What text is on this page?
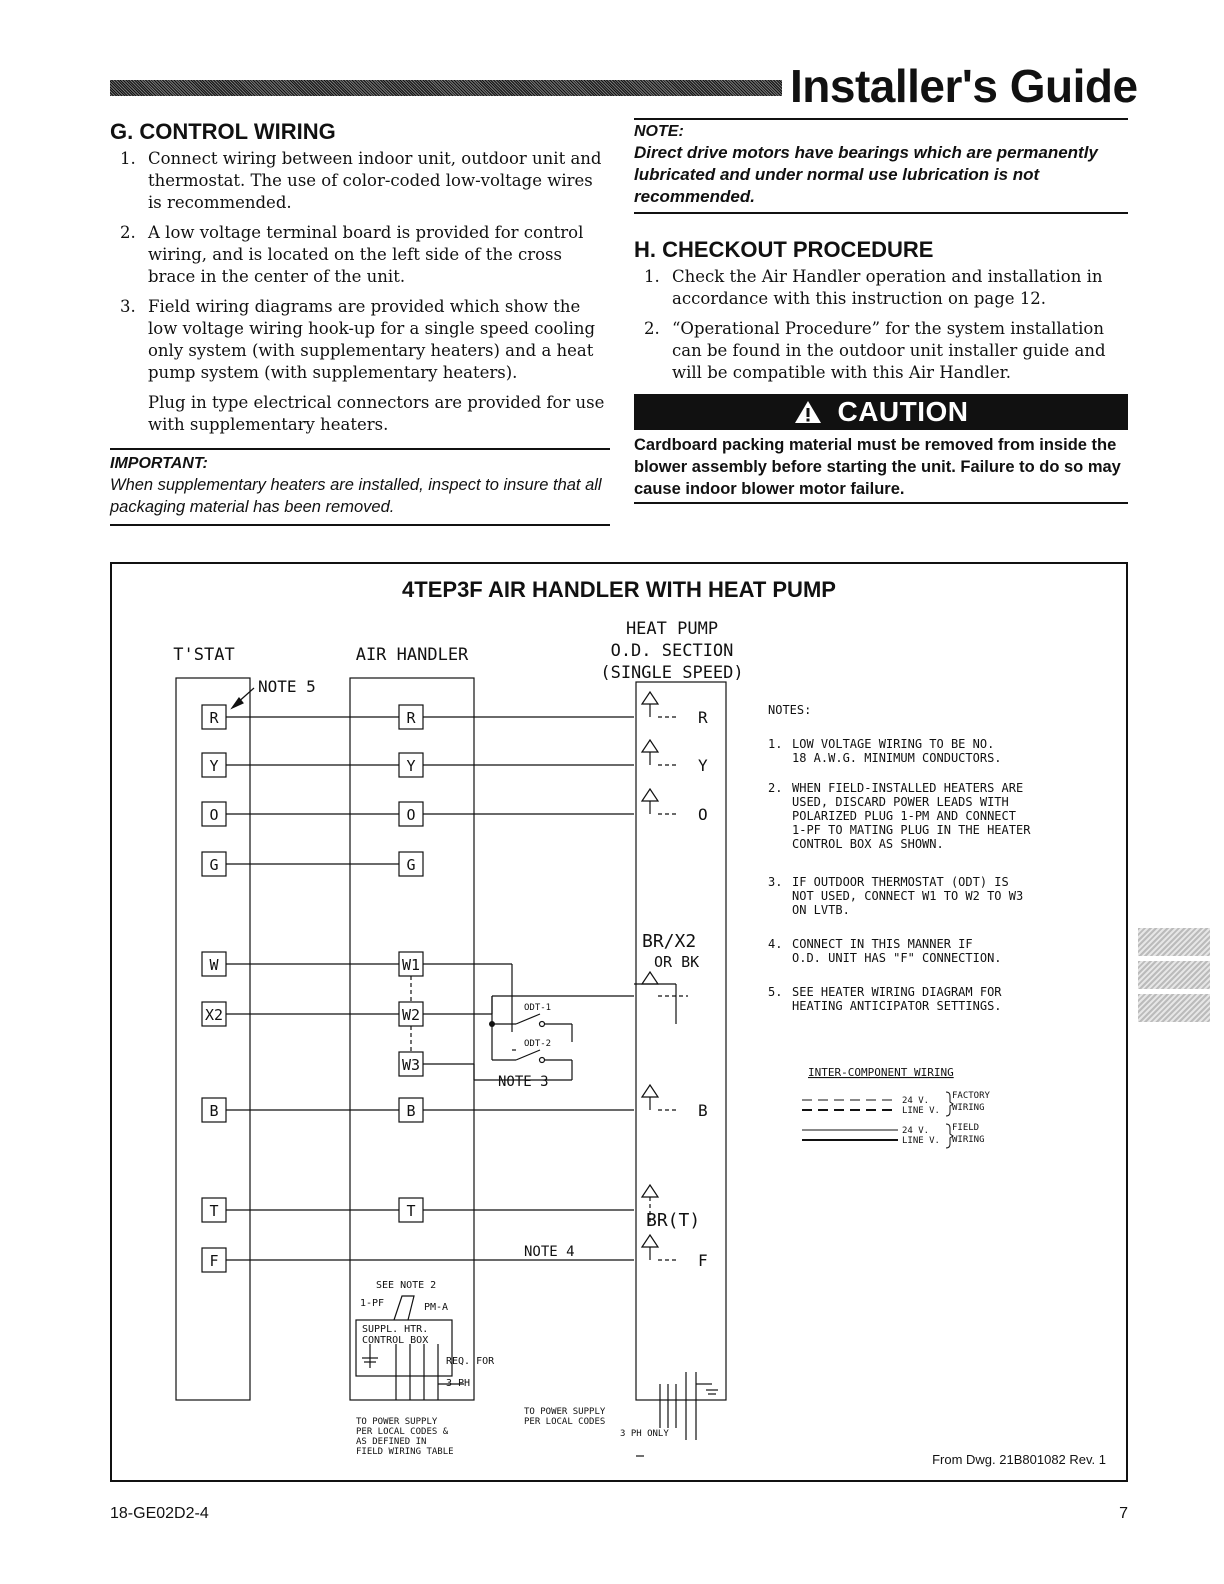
Installer's Guide
G. CONTROL WIRING
1. Connect wiring between indoor unit, outdoor unit and thermostat. The use of color-coded low-voltage wires is recommended.
2. A low voltage terminal board is provided for control wiring, and is located on the left side of the cross brace in the center of the unit.
3. Field wiring diagrams are provided which show the low voltage wiring hook-up for a single speed cooling only system (with supplementary heaters) and a heat pump system (with supplementary heaters).

Plug in type electrical connectors are provided for use with supplementary heaters.

IMPORTANT:
When supplementary heaters are installed, inspect to insure that all packaging material has been removed.
NOTE:
Direct drive motors have bearings which are permanently lubricated and under normal use lubrication is not recommended.
H. CHECKOUT PROCEDURE
1. Check the Air Handler operation and installation in accordance with this instruction on page 12.
2. “Operational Procedure” for the system installation can be found in the outdoor unit installer guide and will be compatible with this Air Handler.
CAUTION
Cardboard packing material must be removed from inside the blower assembly before starting the unit. Failure to do so may cause indoor blower motor failure.
4TEP3F AIR HANDLER WITH HEAT PUMP
T'STAT	AIR HANDLER
HEAT PUMP
O.D. SECTION
(SINGLE SPEED)
NOTE 5
R
Y
O
G
W
X2
B
T
F
R
Y
O
G
W1
W2
W3
B
T
R
Y
O
B
F
BR/X2
OR BK
BR(T)
ODT-1
ODT-2
NOTE 3
NOTE 4
SEE NOTE 2
1-PF	PM-A
SUPPL. HTR.
CONTROL BOX
REQ. FOR
3 PH
TO POWER SUPPLY
PER LOCAL CODES &
AS DEFINED IN
FIELD WIRING TABLE
TO POWER SUPPLY
PER LOCAL CODES
3 PH ONLY
NOTES:
1. LOW VOLTAGE WIRING TO BE NO.
18 A.W.G. MINIMUM CONDUCTORS.
2. WHEN FIELD-INSTALLED HEATERS ARE
USED, DISCARD POWER LEADS WITH
POLARIZED PLUG 1-PM AND CONNECT
1-PF TO MATING PLUG IN THE HEATER
CONTROL BOX AS SHOWN.
3. IF OUTDOOR THERMOSTAT (ODT) IS
NOT USED, CONNECT W1 TO W2 TO W3
ON LVTB.
4. CONNECT IN THIS MANNER IF
O.D. UNIT HAS "F" CONNECTION.
5. SEE HEATER WIRING DIAGRAM FOR
HEATING ANTICIPATOR SETTINGS.
INTER-COMPONENT WIRING
24 V.
LINE V.
FACTORY
WIRING
24 V.
LINE V.
FIELD
WIRING
From Dwg. 21B801082 Rev. 1
18-GE02D2-4	7
